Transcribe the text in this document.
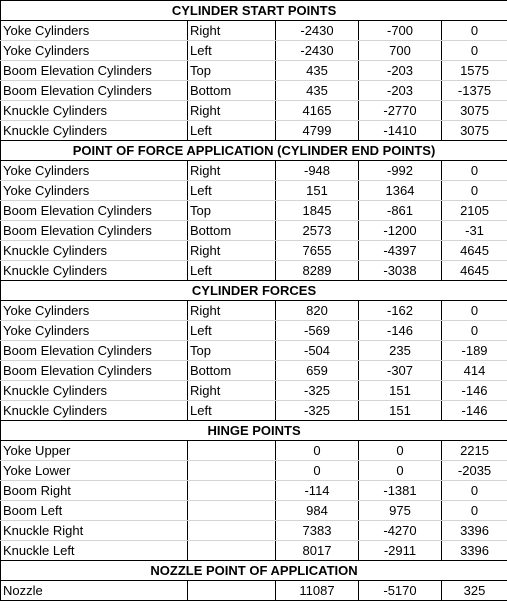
CYLINDER START POINTS				
Yoke Cylinders	Right	-2430	-700	0
Yoke Cylinders	Left	-2430	700	0
Boom Elevation Cylinders	Top	435	-203	1575
Boom Elevation Cylinders	Bottom	435	-203	-1375
Knuckle Cylinders	Right	4165	-2770	3075
Knuckle Cylinders	Left	4799	-1410	3075
POINT OF FORCE APPLICATION (CYLINDER END POINTS)				
Yoke Cylinders	Right	-948	-992	0
Yoke Cylinders	Left	151	1364	0
Boom Elevation Cylinders	Top	1845	-861	2105
Boom Elevation Cylinders	Bottom	2573	-1200	-31
Knuckle Cylinders	Right	7655	-4397	4645
Knuckle Cylinders	Left	8289	-3038	4645
CYLINDER FORCES				
Yoke Cylinders	Right	820	-162	0
Yoke Cylinders	Left	-569	-146	0
Boom Elevation Cylinders	Top	-504	235	-189
Boom Elevation Cylinders	Bottom	659	-307	414
Knuckle Cylinders	Right	-325	151	-146
Knuckle Cylinders	Left	-325	151	-146
HINGE POINTS				
Yoke Upper		0	0	2215
Yoke Lower		0	0	-2035
Boom Right		-114	-1381	0
Boom Left		984	975	0
Knuckle Right		7383	-4270	3396
Knuckle Left		8017	-2911	3396
NOZZLE POINT OF APPLICATION				
Nozzle		11087	-5170	325
